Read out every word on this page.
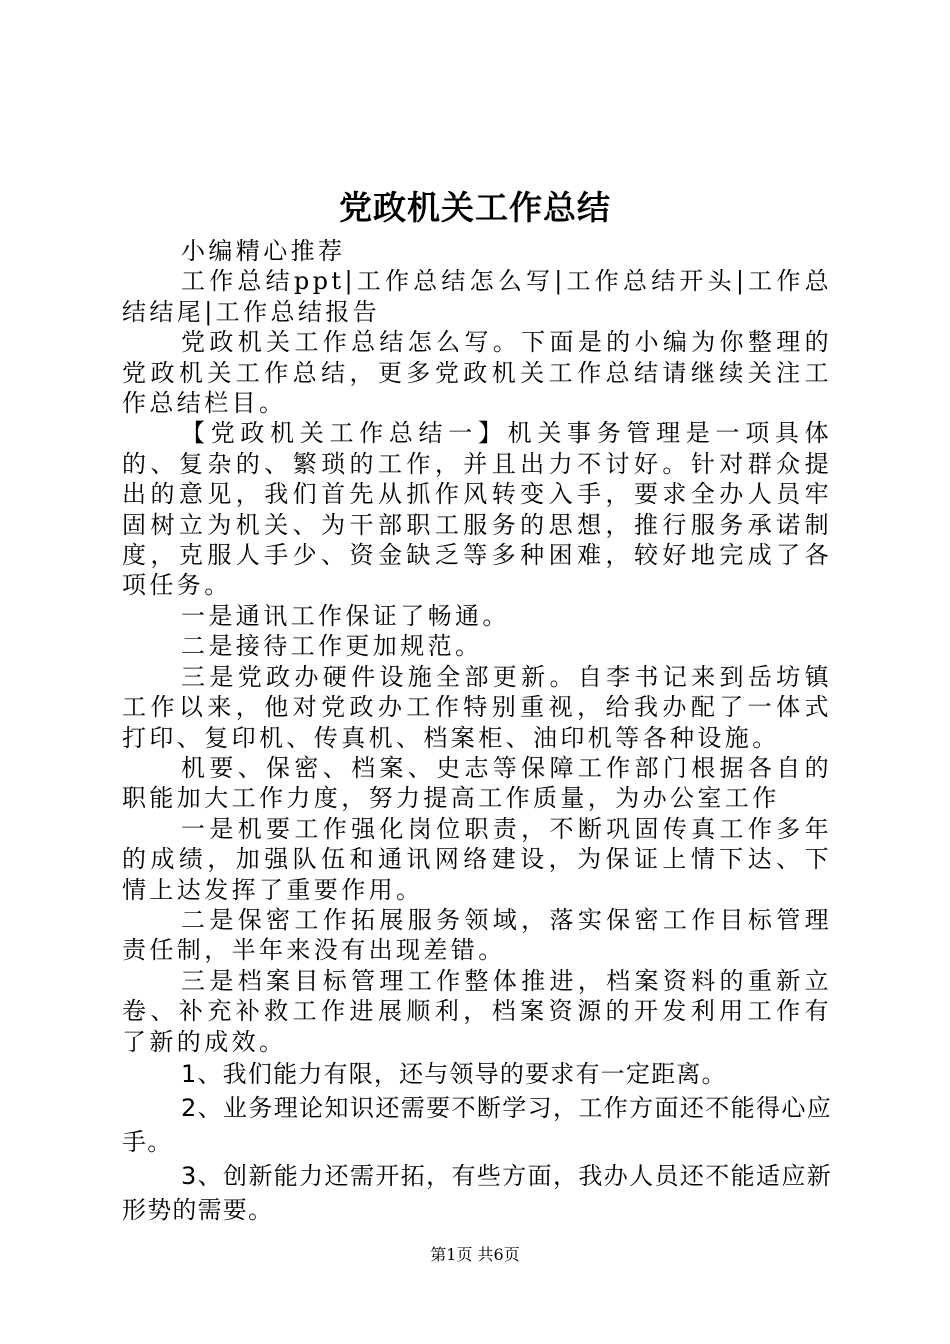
党政机关工作总结

小编精心推荐

工作总结ppt|工作总结怎么写|工作总结开头|工作总结结尾|工作总结报告

党政机关工作总结怎么写。下面是的小编为你整理的党政机关工作总结，更多党政机关工作总结请继续关注工作总结栏目。

【党政机关工作总结一】机关事务管理是一项具体的、复杂的、繁琐的工作，并且出力不讨好。针对群众提出的意见，我们首先从抓作风转变入手，要求全办人员牢固树立为机关、为干部职工服务的思想，推行服务承诺制度，克服人手少、资金缺乏等多种困难，较好地完成了各项任务。

一是通讯工作保证了畅通。

二是接待工作更加规范。

三是党政办硬件设施全部更新。自李书记来到岳坊镇工作以来，他对党政办工作特别重视，给我办配了一体式打印、复印机、传真机、档案柜、油印机等各种设施。

机要、保密、档案、史志等保障工作部门根据各自的职能加大工作力度，努力提高工作质量，为办公室工作

一是机要工作强化岗位职责，不断巩固传真工作多年的成绩，加强队伍和通讯网络建设，为保证上情下达、下情上达发挥了重要作用。

二是保密工作拓展服务领域，落实保密工作目标管理责任制，半年来没有出现差错。

三是档案目标管理工作整体推进，档案资料的重新立卷、补充补救工作进展顺利，档案资源的开发利用工作有了新的成效。

1、我们能力有限，还与领导的要求有一定距离。

2、业务理论知识还需要不断学习，工作方面还不能得心应手。

3、创新能力还需开拓，有些方面，我办人员还不能适应新形势的需要。

第1页 共6页
